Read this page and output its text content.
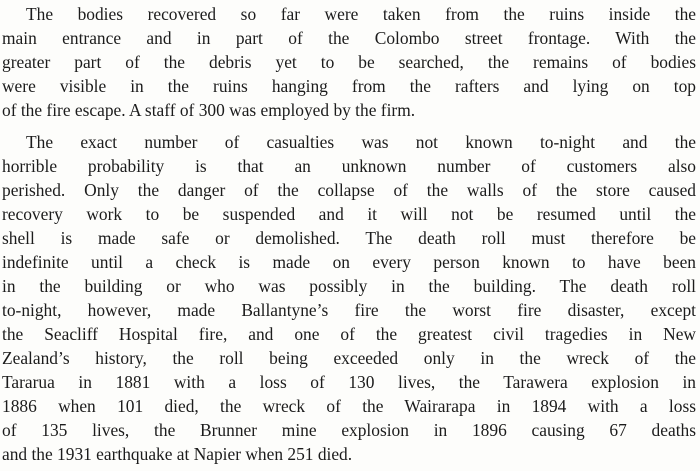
The bodies recovered so far were taken from the ruins inside the
main entrance and in part of the Colombo street frontage. With the
greater part of the debris yet to be searched, the remains of bodies
were visible in the ruins hanging from the rafters and lying on top
of the fire escape. A staff of 300 was employed by the firm.
The exact number of casualties was not known to-night and the
horrible probability is that an unknown number of customers also
perished. Only the danger of the collapse of the walls of the store caused
recovery work to be suspended and it will not be resumed until the
shell is made safe or demolished. The death roll must therefore be
indefinite until a check is made on every person known to have been
in the building or who was possibly in the building. The death roll
to-night, however, made Ballantyne’s fire the worst fire disaster, except
the Seacliff Hospital fire, and one of the greatest civil tragedies in New
Zealand’s history, the roll being exceeded only in the wreck of the
Tararua in 1881 with a loss of 130 lives, the Tarawera explosion in
1886 when 101 died, the wreck of the Wairarapa in 1894 with a loss
of 135 lives, the Brunner mine explosion in 1896 causing 67 deaths
and the 1931 earthquake at Napier when 251 died.
